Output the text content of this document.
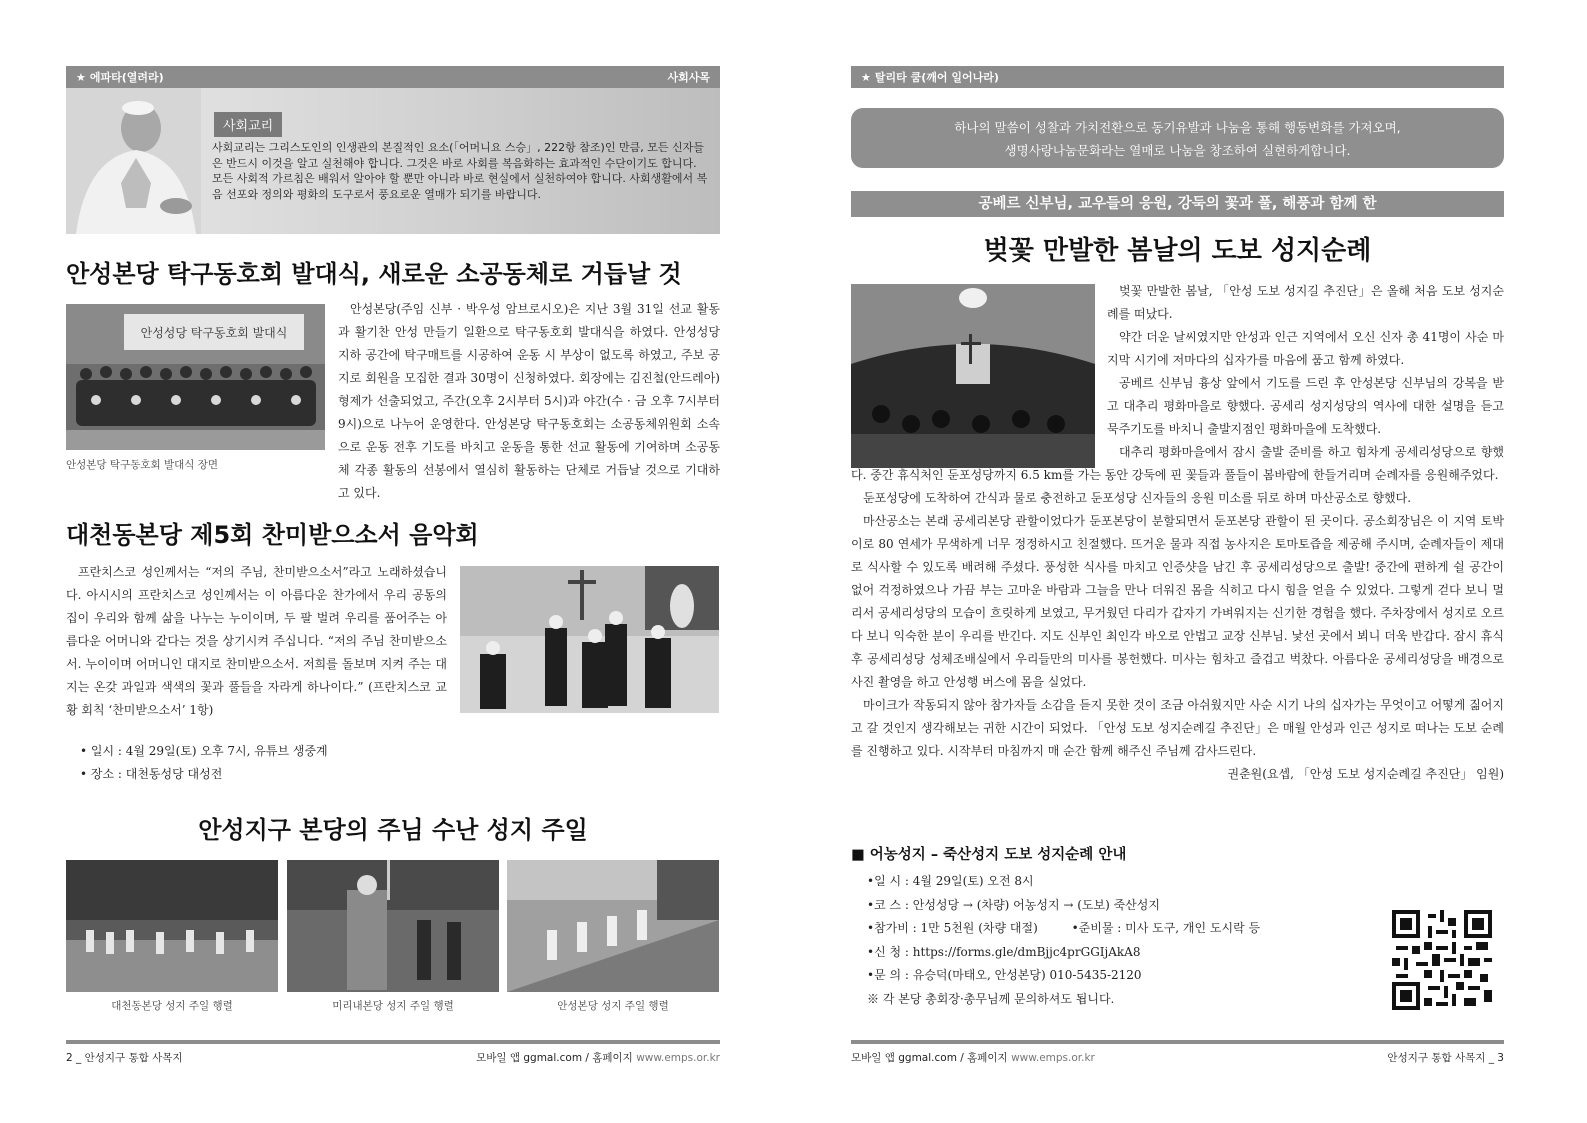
★ 에파타(열려라)	사회사목
사회교리
사회교리는 그리스도인의 인생관의 본질적인 요소(「어머니요 스승」, 222항 참조)인 만큼, 모든 신자들은 반드시 이것을 알고 실천해야 합니다. 그것은 바로 사회를 복음화하는 효과적인 수단이기도 합니다.
모든 사회적 가르침은 배워서 알아야 할 뿐만 아니라 바로 현실에서 실천하여야 합니다. 사회생활에서 복음 선포와 정의와 평화의 도구로서 풍요로운 열매가 되기를 바랍니다.
안성본당 탁구동호회 발대식, 새로운 소공동체로 거듭날 것
안성성당 탁구동호회 발대식
안성본당 탁구동호회 발대식 장면
안성본당(주임 신부 · 박우성 암브로시오)은 지난 3월 31일 선교 활동과 활기찬 안성 만들기 일환으로 탁구동호회 발대식을 하였다. 안성성당 지하 공간에 탁구매트를 시공하여 운동 시 부상이 없도록 하였고, 주보 공지로 회원을 모집한 결과 30명이 신청하였다. 회장에는 김진철(안드레아) 형제가 선출되었고, 주간(오후 2시부터 5시)과 야간(수 · 금 오후 7시부터 9시)으로 나누어 운영한다. 안성본당 탁구동호회는 소공동체위원회 소속으로 운동 전후 기도를 바치고 운동을 통한 선교 활동에 기여하며 소공동체 각종 활동의 선봉에서 열심히 활동하는 단체로 거듭날 것으로 기대하고 있다.
대천동본당 제5회 찬미받으소서 음악회
프란치스코 성인께서는 “저의 주님, 찬미받으소서”라고 노래하셨습니다. 아시시의 프란치스코 성인께서는 이 아름다운 찬가에서 우리 공동의 집이 우리와 함께 삶을 나누는 누이이며, 두 팔 벌려 우리를 품어주는 아름다운 어머니와 같다는 것을 상기시켜 주십니다. “저의 주님 찬미받으소서. 누이이며 어머니인 대지로 찬미받으소서. 저희를 돌보며 지켜 주는 대지는 온갖 과일과 색색의 꽃과 풀들을 자라게 하나이다.” (프란치스코 교황 회칙 ‘찬미받으소서’ 1항)
• 일시 : 4월 29일(토) 오후 7시, 유튜브 생중계
• 장소 : 대천동성당 대성전
안성지구 본당의 주님 수난 성지 주일
대천동본당 성지 주일 행렬	미리내본당 성지 주일 행렬	안성본당 성지 주일 행렬
2 _ 안성지구 통합 사목지	모바일 앱 ggmal.com / 홈페이지 www.emps.or.kr
★ 탈리타 쿰(깨어 일어나라)
하나의 말씀이 성찰과 가치전환으로 동기유발과 나눔을 통해 행동변화를 가져오며,
생명사랑나눔문화라는 열매로 나눔을 창조하여 실현하게합니다.
공베르 신부님, 교우들의 응원, 강둑의 꽃과 풀, 해풍과 함께 한
벚꽃 만발한 봄날의 도보 성지순례
벚꽃 만발한 봄날, 「안성 도보 성지길 추진단」은 올해 처음 도보 성지순례를 떠났다.
약간 더운 날씨였지만 안성과 인근 지역에서 오신 신자 총 41명이 사순 마지막 시기에 저마다의 십자가를 마음에 품고 함께 하였다.
공베르 신부님 흉상 앞에서 기도를 드린 후 안성본당 신부님의 강복을 받고 대추리 평화마을로 향했다. 공세리 성지성당의 역사에 대한 설명을 듣고 묵주기도를 바치니 출발지점인 평화마을에 도착했다.
대추리 평화마을에서 잠시 출발 준비를 하고 힘차게 공세리성당으로 향했다. 중간 휴식처인 둔포성당까지 6.5 km를 가는 동안 강둑에 핀 꽃들과 풀들이 봄바람에 한들거리며 순례자를 응원해주었다.
둔포성당에 도착하여 간식과 물로 충전하고 둔포성당 신자들의 응원 미소를 뒤로 하며 마산공소로 향했다.
마산공소는 본래 공세리본당 관할이었다가 둔포본당이 분할되면서 둔포본당 관할이 된 곳이다. 공소회장님은 이 지역 토박이로 80 연세가 무색하게 너무 정정하시고 친절했다. 뜨거운 물과 직접 농사지은 토마토즙을 제공해 주시며, 순례자들이 제대로 식사할 수 있도록 배려해 주셨다. 풍성한 식사를 마치고 인증샷을 남긴 후 공세리성당으로 출발! 중간에 편하게 쉴 공간이 없어 걱정하였으나 가끔 부는 고마운 바람과 그늘을 만나 더워진 몸을 식히고 다시 힘을 얻을 수 있었다. 그렇게 걷다 보니 멀리서 공세리성당의 모습이 흐릿하게 보였고, 무거웠던 다리가 갑자기 가벼워지는 신기한 경험을 했다. 주차장에서 성지로 오르다 보니 익숙한 분이 우리를 반긴다. 지도 신부인 최인각 바오로 안법고 교장 신부님. 낯선 곳에서 뵈니 더욱 반갑다. 잠시 휴식 후 공세리성당 성체조배실에서 우리들만의 미사를 봉헌했다. 미사는 힘차고 즐겁고 벅찼다. 아름다운 공세리성당을 배경으로 사진 촬영을 하고 안성행 버스에 몸을 실었다.
마이크가 작동되지 않아 참가자들 소감을 듣지 못한 것이 조금 아쉬웠지만 사순 시기 나의 십자가는 무엇이고 어떻게 짊어지고 갈 것인지 생각해보는 귀한 시간이 되었다. 「안성 도보 성지순례길 추진단」은 매월 안성과 인근 성지로 떠나는 도보 순례를 진행하고 있다. 시작부터 마침까지 매 순간 함께 해주신 주님께 감사드린다.
권춘원(요셉, 「안성 도보 성지순례길 추진단」 임원)
■ 어농성지 – 죽산성지 도보 성지순례 안내
•일 시 : 4월 29일(토) 오전 8시
•코 스 : 안성성당 → (차량) 어농성지 → (도보) 죽산성지
•참가비 : 1만 5천원 (차량 대절)	•준비물 : 미사 도구, 개인 도시락 등
•신 청 : https://forms.gle/dmBjjc4prGGIjAkA8
•문 의 : 유승덕(마태오, 안성본당) 010-5435-2120
※ 각 본당 총회장·총무님께 문의하셔도 됩니다.
모바일 앱 ggmal.com / 홈페이지 www.emps.or.kr	안성지구 통합 사목지 _ 3
